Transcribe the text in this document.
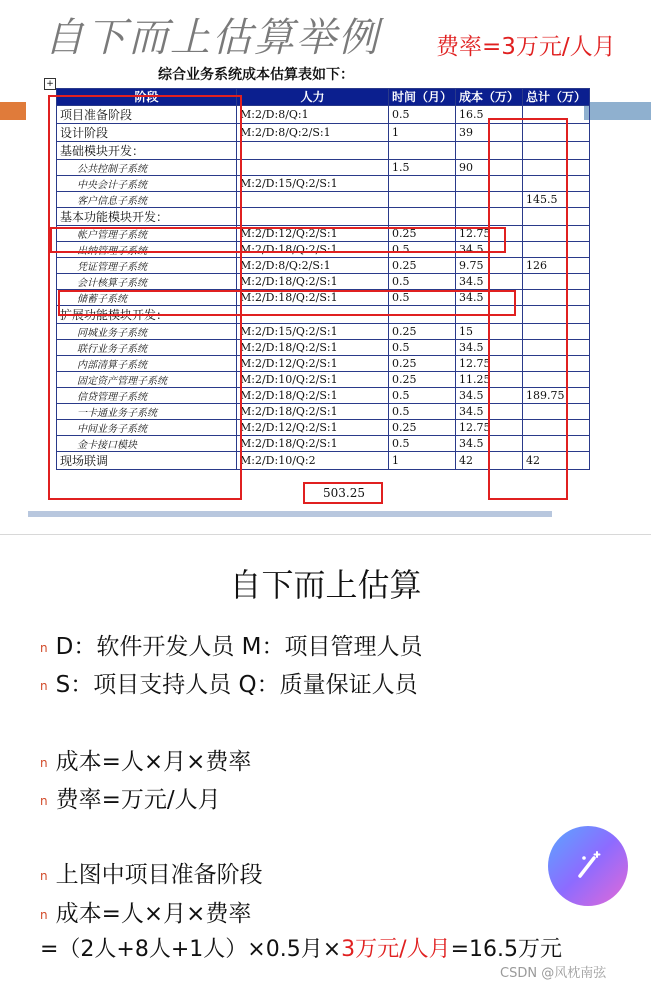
自下而上估算举例 费率=3万元/人月
+
综合业务系统成本估算表如下：
阶段	人力	时间（月）	成本（万）	总计（万）
项目准备阶段	M:2/D:8/Q:1	0.5	16.5	
设计阶段	M:2/D:8/Q:2/S:1	1	39	
基础模块开发：				
公共控制子系统		1.5	90	
中央会计子系统	M:2/D:15/Q:2/S:1			
客户信息子系统				145.5
基本功能模块开发：				
帐户管理子系统	M:2/D:12/Q:2/S:1	0.25	12.75	
出纳管理子系统	M:2/D:18/Q:2/S:1	0.5	34.5	
凭证管理子系统	M:2/D:8/Q:2/S:1	0.25	9.75	126
会计核算子系统	M:2/D:18/Q:2/S:1	0.5	34.5	
储蓄子系统	M:2/D:18/Q:2/S:1	0.5	34.5	
扩展功能模块开发：				
同城业务子系统	M:2/D:15/Q:2/S:1	0.25	15	
联行业务子系统	M:2/D:18/Q:2/S:1	0.5	34.5	
内部清算子系统	M:2/D:12/Q:2/S:1	0.25	12.75	
固定资产管理子系统	M:2/D:10/Q:2/S:1	0.25	11.25	
信贷管理子系统	M:2/D:18/Q:2/S:1	0.5	34.5	189.75
一卡通业务子系统	M:2/D:18/Q:2/S:1	0.5	34.5	
中间业务子系统	M:2/D:12/Q:2/S:1	0.25	12.75	
金卡接口模块	M:2/D:18/Q:2/S:1	0.5	34.5	
现场联调	M:2/D:10/Q:2	1	42	42
503.25
自下而上估算
n D：软件开发人员 M：项目管理人员
n S：项目支持人员 Q：质量保证人员
n 成本=人×月×费率
n 费率=万元/人月
n 上图中项目准备阶段
n 成本=人×月×费率
=（2人+8人+1人）×0.5月×3万元/人月=16.5万元
CSDN @风枕南弦
